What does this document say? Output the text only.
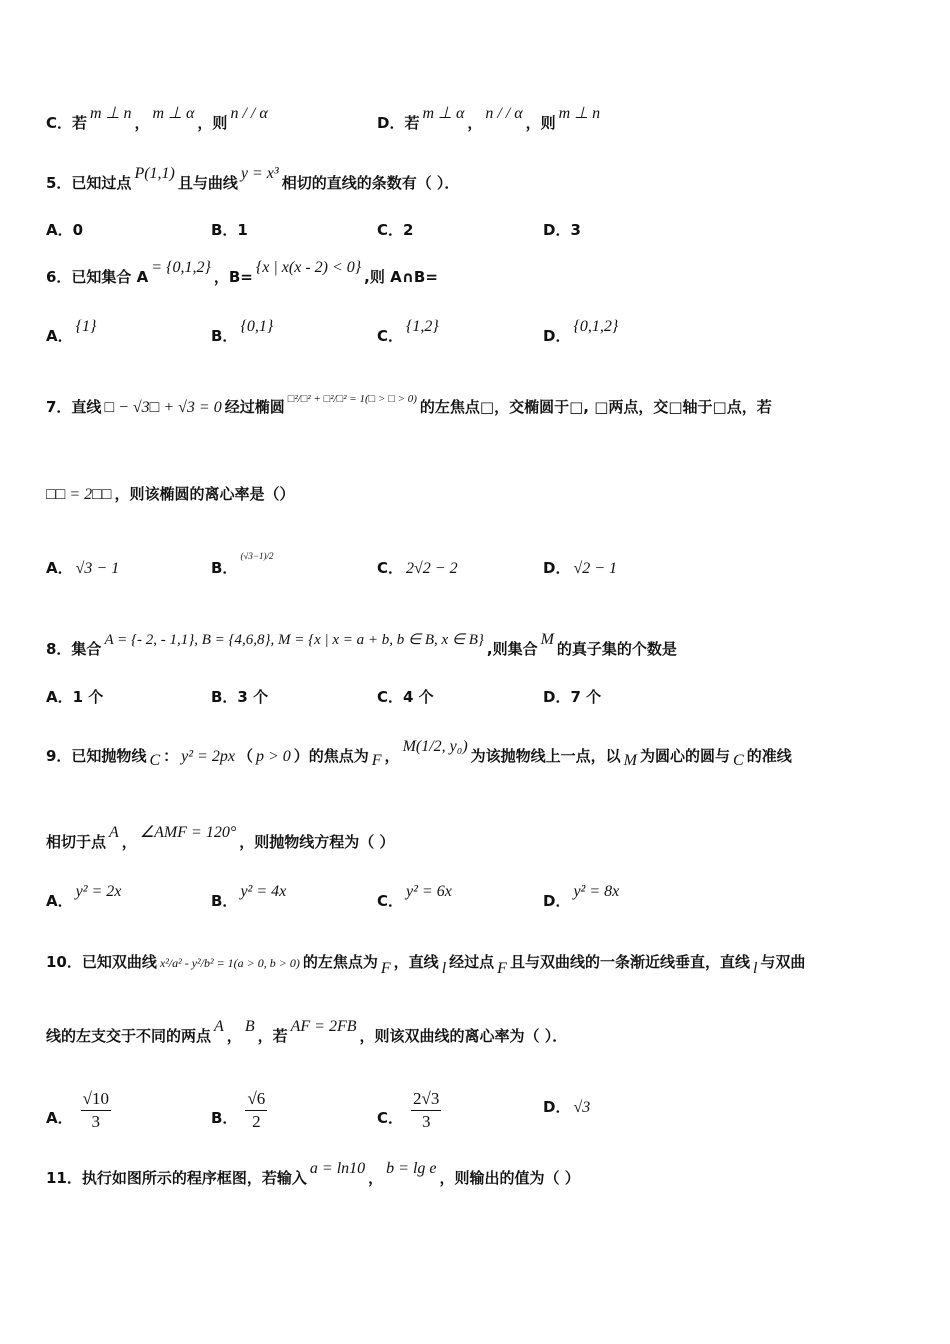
C．若m ⊥ n，m ⊥ α，则n / / α
D．若m ⊥ α，n / / α，则m ⊥ n
5．已知过点P(1,1)且与曲线y = x³相切的直线的条数有（ ）．
A．0	B．1	C．2	D．3
6．已知集合 A= {0,1,2}，B={x | x(x - 2) < 0},则 A∩B=
A．{1}
B．{0,1}
C．{1,2}
D．{0,1,2}
7．直线 □ − √3□ + √3 = 0 经过椭圆 $^{□^2/□^2 + □^2/□^2 = 1(□ > □ > 0)}$ 的左焦点□，交椭圆于□, □两点，交□轴于□点，若
□□ = 2□□ ，则该椭圆的离心率是（）
A． √3 − 1	B．$^{(√3-1)/2}$
C． 2√2 − 2	D． √2 − 1
8．集合 A = {- 2, - 1,1}, B = {4,6,8}, M = {x | x = a + b, b ∈ B, x ∈ B} ,则集合M的真子集的个数是
A．1 个	B．3 个	C．4 个	D．7 个
9．已知抛物线 C ： y² = 2px （ p > 0 ）的焦点为 F ，M(1/2, y₀)为该抛物线上一点，以 M 为圆心的圆与 C 的准线
相切于点A，∠AMF = 120°，则抛物线方程为（ ）
A．y² = 2x
B．y² = 4x
C．y² = 6x
D．y² = 8x
10．已知双曲线 x²/a² - y²/b² = 1(a > 0, b > 0) 的左焦点为 F ，直线 l 经过点 F 且与双曲线的一条渐近线垂直，直线 l 与双曲
线的左支交于不同的两点A，B，若AF = 2FB，则该双曲线的离心率为（ ）．
A． $\frac{√10}{3}$	B． $\frac{√6}{2}$	C． $\frac{2√3}{3}$	D． √3
11．执行如图所示的程序框图，若输入a = ln10，b = lg e，则输出的值为（ ）
